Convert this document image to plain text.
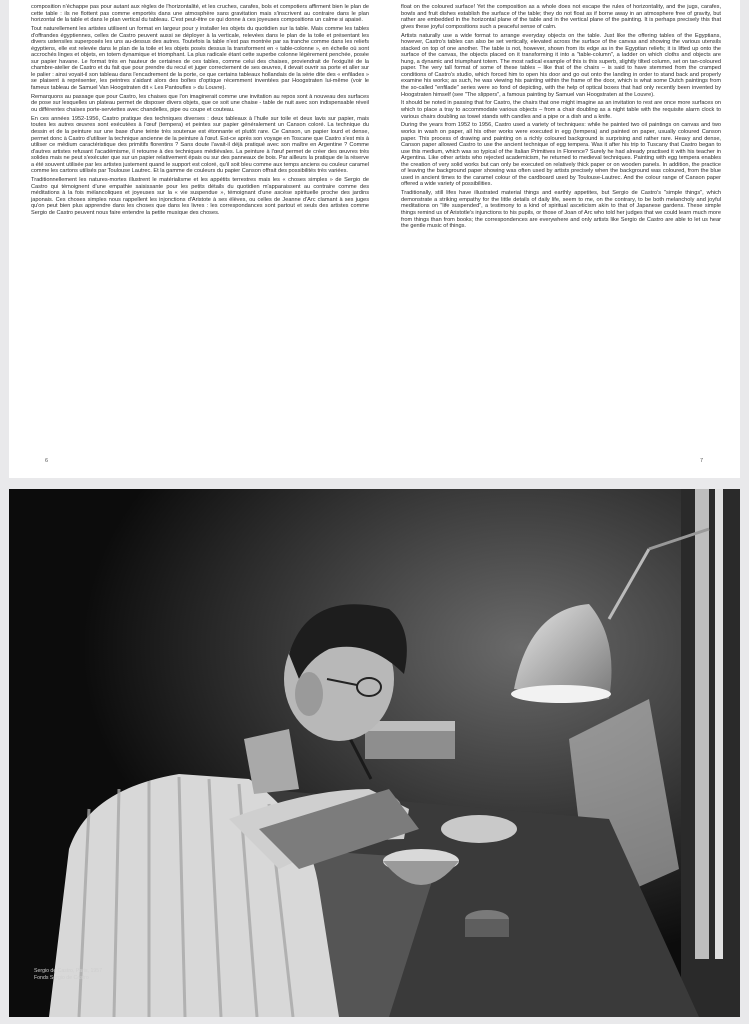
composition n'échappe pas pour autant aux règles de l'horizontalité, et les cruches, carafes, bols et compotiers affirment bien le plan de cette table : ils ne flottent pas comme emportés dans une atmosphère sans gravitation mais s'inscrivent au contraire dans le plan horizontal de la table et dans le plan vertical du tableau. C'est peut-être ce qui donne à ces joyeuses compositions un calme si apaisé.

Tout naturellement les artistes utilisent un format en largeur pour y installer les objets du quotidien sur la table. Mais comme les tables d'offrandes égyptiennes, celles de Castro peuvent aussi se déployer à la verticale, relevées dans le plan de la toile et présentant les divers ustensiles superposés les uns au-dessus des autres. Toutefois la table n'est pas montrée par sa tranche comme dans les reliefs égyptiens, elle est relevée dans le plan de la toile et les objets posés dessus la transforment en « table-colonne », en échelle où sont accrochés linges et objets, en totem dynamique et triomphant. La plus radicale étant cette superbe colonne légèrement penchée, posée sur papier havane. Le format très en hauteur de certaines de ces tables, comme celui des chaises, proviendrait de l'exiguïté de la chambre-atelier de Castro et du fait que pour prendre du recul et juger correctement de ses œuvres, il devait ouvrir sa porte et aller sur le palier : ainsi voyait-il son tableau dans l'encadrement de la porte, ce que certains tableaux hollandais de la série dite des « enfilades » se plaisent à représenter, les peintres s'aidant alors des boîtes d'optique récemment inventées par Hoogstraten lui-même (voir le fameux tableau de Samuel Van Hoogstraten dit « Les Pantoufles » du Louvre).

Remarquons au passage que pour Castro, les chaises que l'on imaginerait comme une invitation au repos sont à nouveau des surfaces de pose sur lesquelles un plateau permet de disposer divers objets, que ce soit une chaise - table de nuit avec son indispensable réveil ou différentes chaises porte-serviettes avec chandelles, pipe ou coupe et couteau.

En ces années 1952-1956, Castro pratique des techniques diverses : deux tableaux à l'huile sur toile et deux lavis sur papier, mais toutes les autres œuvres sont exécutées à l'œuf (tempera) et peintes sur papier généralement un Canson coloré. La technique du dessin et de la peinture sur une base d'une teinte très soutenue est étonnante et plutôt rare. Ce Canson, un papier lourd et dense, permet donc à Castro d'utiliser la technique ancienne de la peinture à l'œuf. Est-ce après son voyage en Toscane que Castro s'est mis à utiliser ce médium caractéristique des primitifs florentins ? Sans doute l'avait-il déjà pratiqué avec son maître en Argentine ? Comme d'autres artistes refusant l'académisme, il retourne à des techniques médiévales. La peinture à l'œuf permet de créer des œuvres très solides mais ne peut s'exécuter que sur un papier relativement épais ou sur des panneaux de bois. Par ailleurs la pratique de la réserve a été souvent utilisée par les artistes justement quand le support est coloré, qu'il soit bleu comme aux temps anciens ou couleur caramel comme les cartons utilisés par Toulouse Lautrec. Et la gamme de couleurs du papier Canson offrait des possibilités très variées.

Traditionnellement les natures-mortes illustrent le matérialisme et les appétits terrestres mais les « choses simples » de Sergio de Castro qui témoignent d'une empathie saisissante pour les petits détails du quotidien m'apparaissent au contraire comme des méditations à la fois mélancoliques et joyeuses sur la « vie suspendue », témoignant d'une ascèse spirituelle proche des jardins japonais. Ces choses simples nous rappellent les injonctions d'Aristote à ses élèves, ou celles de Jeanne d'Arc clamant à ses juges qu'on peut bien plus apprendre dans les choses que dans les livres : les correspondances sont partout et seuls des artistes comme Sergio de Castro peuvent nous faire entendre la petite musique des choses.

float on the coloured surface! Yet the composition as a whole does not escape the rules of horizontality, and the jugs, carafes, bowls and fruit dishes establish the surface of the table; they do not float as if borne away in an atmosphere free of gravity, but rather are embedded in the horizontal plane of the table and in the vertical plane of the painting. It is perhaps precisely this that gives these joyful compositions such a peaceful sense of calm.

Artists naturally use a wide format to arrange everyday objects on the table. Just like the offering tables of the Egyptians, however, Castro's tables can also be set vertically, elevated across the surface of the canvas and showing the various utensils stacked on top of one another. The table is not, however, shown from its edge as in the Egyptian reliefs; it is lifted up onto the surface of the canvas, the objects placed on it transforming it into a "table-column", a ladder on which cloths and objects are hung, a dynamic and triumphant totem. The most radical example of this is this superb, slightly tilted column, set on tan-coloured paper. The very tall format of some of these tables – like that of the chairs – is said to have stemmed from the cramped conditions of Castro's studio, which forced him to open his door and go out onto the landing in order to stand back and properly examine his works; as such, he was viewing his painting within the frame of the door, which is what some Dutch paintings from the so-called "enfilade" series were so fond of depicting, with the help of optical boxes that had only recently been invented by Hoogstraten himself (see "The slippers", a famous painting by Samuel van Hoogstraten at the Louvre).

It should be noted in passing that for Castro, the chairs that one might imagine as an invitation to rest are once more surfaces on which to place a tray to accommodate various objects – from a chair doubling as a night table with the requisite alarm clock to various chairs doubling as towel stands with candles and a pipe or a dish and a knife.

During the years from 1952 to 1956, Castro used a variety of techniques: while he painted two oil paintings on canvas and two works in wash on paper, all his other works were executed in egg (tempera) and painted on paper, usually coloured Canson paper. This process of drawing and painting on a richly coloured background is surprising and rather rare. Heavy and dense, Canson paper allowed Castro to use the ancient technique of egg tempera. Was it after his trip to Tuscany that Castro began to use this medium, which was so typical of the Italian Primitives in Florence? Surely he had already practised it with his teacher in Argentina. Like other artists who rejected academicism, he returned to medieval techniques. Painting with egg tempera enables the creation of very solid works but can only be executed on relatively thick paper or on wooden panels. In addition, the practice of leaving the background paper showing was often used by artists precisely when the background was coloured, from the blue used in ancient times to the caramel colour of the cardboard used by Toulouse-Lautrec. And the colour range of Canson paper offered a wide variety of possibilities.

Traditionally, still lifes have illustrated material things and earthly appetites, but Sergio de Castro's "simple things", which demonstrate a striking empathy for the little details of daily life, seem to me, on the contrary, to be both melancholy and joyful meditations on "life suspended", a testimony to a kind of spiritual asceticism akin to that of Japanese gardens. These simple things remind us of Aristotle's injunctions to his pupils, or those of Joan of Arc who told her judges that we could learn much more from things than from books; the correspondences are everywhere and only artists like Sergio de Castro are able to let us hear the gentle music of things.

6	7
Sergio de Castro, Paris, 1957
Fonds Sergio de Castro
